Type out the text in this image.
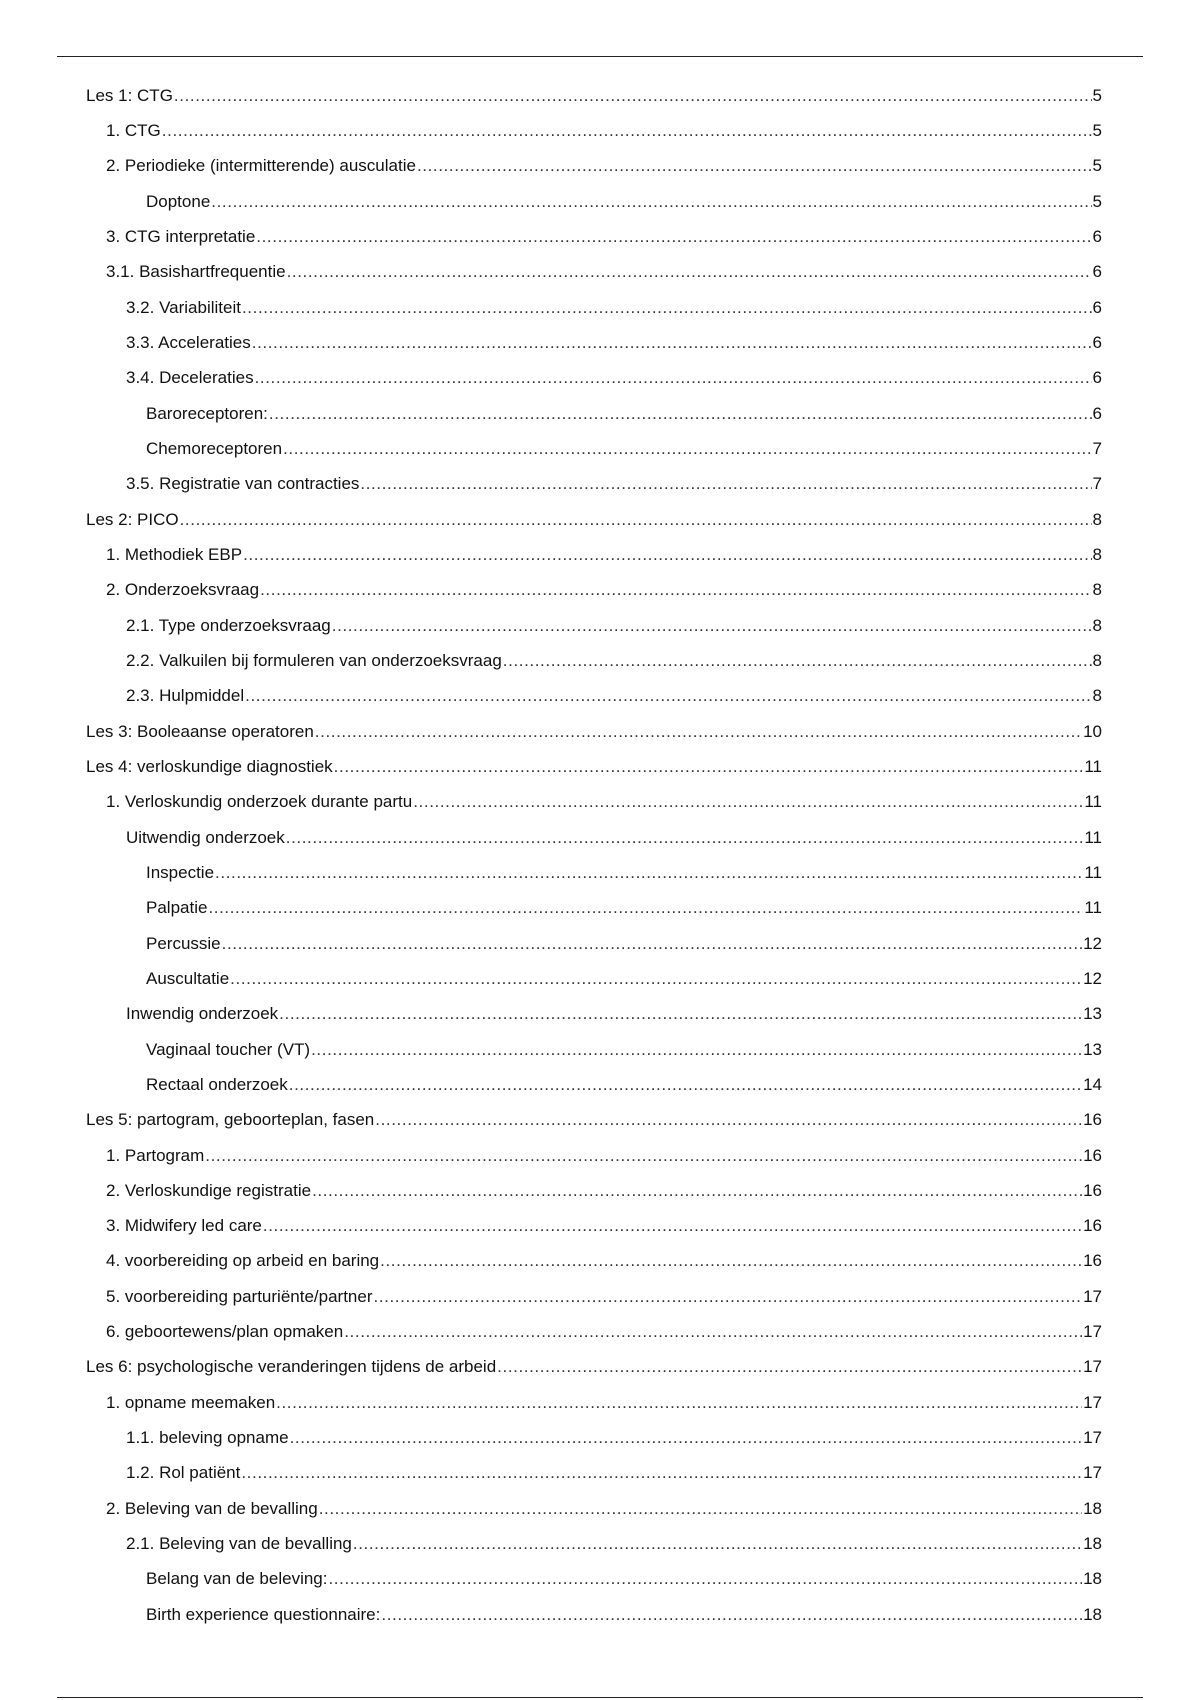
Les 1: CTG .....	5
1. CTG .....	5
2. Periodieke (intermitterende) ausculatie .....	5
Doptone .....	5
3. CTG interpretatie .....	6
3.1. Basishartfrequentie .....	6
3.2. Variabiliteit .....	6
3.3. Acceleraties .....	6
3.4. Deceleraties .....	6
Baroreceptoren: .....	6
Chemoreceptoren .....	7
3.5. Registratie van contracties .....	7
Les 2: PICO .....	8
1. Methodiek EBP .....	8
2. Onderzoeksvraag .....	8
2.1. Type onderzoeksvraag .....	8
2.2. Valkuilen bij formuleren van onderzoeksvraag .....	8
2.3. Hulpmiddel .....	8
Les 3: Booleaanse operatoren .....	10
Les 4: verloskundige diagnostiek .....	11
1. Verloskundig onderzoek durante partu .....	11
Uitwendig onderzoek .....	11
Inspectie .....	11
Palpatie .....	11
Percussie .....	12
Auscultatie .....	12
Inwendig onderzoek .....	13
Vaginaal toucher (VT) .....	13
Rectaal onderzoek .....	14
Les 5: partogram, geboorteplan, fasen .....	16
1. Partogram .....	16
2. Verloskundige registratie .....	16
3. Midwifery led care .....	16
4. voorbereiding op arbeid en baring .....	16
5. voorbereiding parturiënte/partner .....	17
6. geboortewens/plan opmaken .....	17
Les 6: psychologische veranderingen tijdens de arbeid .....	17
1. opname meemaken .....	17
1.1. beleving opname .....	17
1.2. Rol patiënt .....	17
2. Beleving van de bevalling .....	18
2.1. Beleving van de bevalling .....	18
Belang van de beleving: .....	18
Birth experience questionnaire: .....	18
